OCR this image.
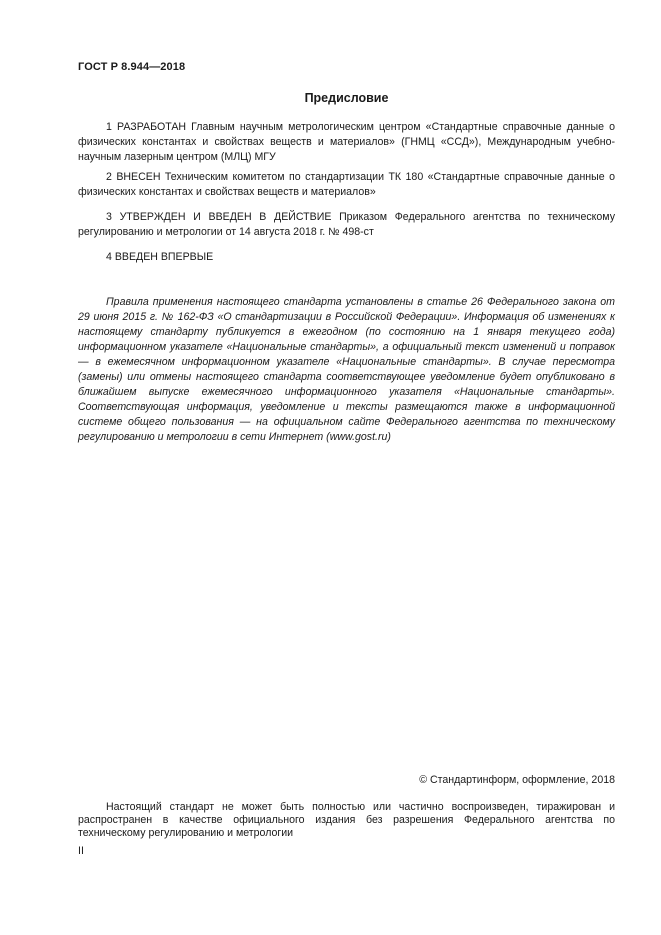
ГОСТ Р 8.944—2018
Предисловие

1 РАЗРАБОТАН Главным научным метрологическим центром «Стандартные справочные данные о физических константах и свойствах веществ и материалов» (ГНМЦ «ССД»), Международным учебно-научным лазерным центром (МЛЦ) МГУ

2 ВНЕСЕН Техническим комитетом по стандартизации ТК 180 «Стандартные справочные данные о физических константах и свойствах веществ и материалов»

3 УТВЕРЖДЕН И ВВЕДЕН В ДЕЙСТВИЕ Приказом Федерального агентства по техническому регулированию и метрологии от 14 августа 2018 г. № 498-ст

4 ВВЕДЕН ВПЕРВЫЕ

Правила применения настоящего стандарта установлены в статье 26 Федерального закона от 29 июня 2015 г. № 162-ФЗ «О стандартизации в Российской Федерации». Информация об изменениях к настоящему стандарту публикуется в ежегодном (по состоянию на 1 января текущего года) информационном указателе «Национальные стандарты», а официальный текст изменений и поправок — в ежемесячном информационном указателе «Национальные стандарты». В случае пересмотра (замены) или отмены настоящего стандарта соответствующее уведомление будет опубликовано в ближайшем выпуске ежемесячного информационного указателя «Национальные стандарты». Соответствующая информация, уведомление и тексты размещаются также в информационной системе общего пользования — на официальном сайте Федерального агентства по техническому регулированию и метрологии в сети Интернет (www.gost.ru)

© Стандартинформ, оформление, 2018

Настоящий стандарт не может быть полностью или частично воспроизведен, тиражирован и распространен в качестве официального издания без разрешения Федерального агентства по техническому регулированию и метрологии

II
